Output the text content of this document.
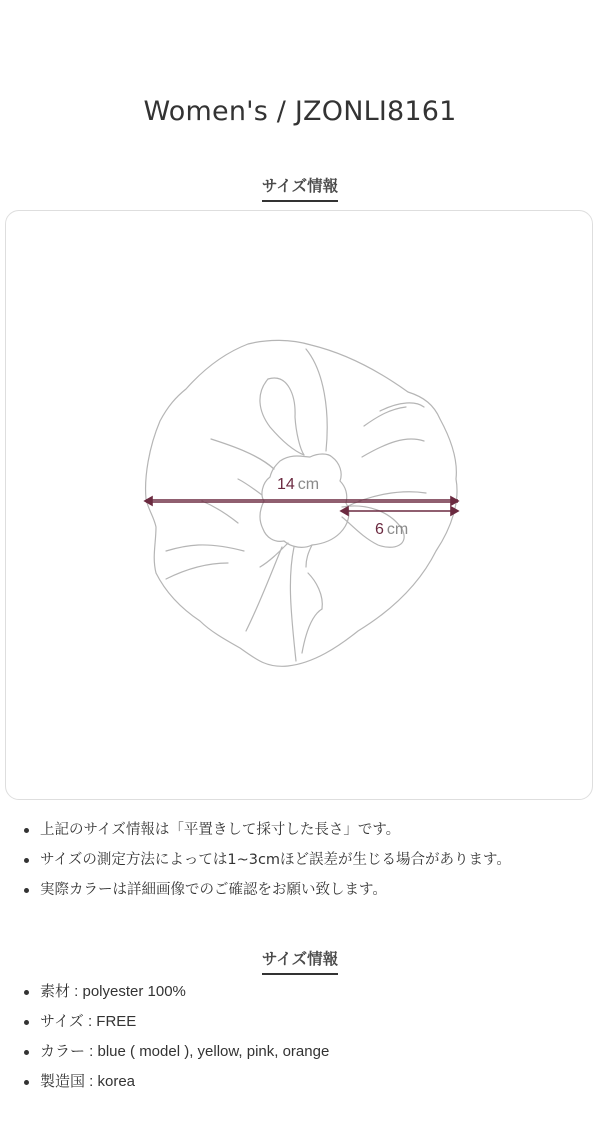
Women's / JZONLI8161
サイズ情報
14 cm
6 cm
上記のサイズ情報は「平置きして採寸した長さ」です。
サイズの測定方法によっては1~3cmほど誤差が生じる場合があります。
実際カラーは詳細画像でのご確認をお願い致します。
サイズ情報
素材 : polyester 100%
サイズ : FREE
カラー : blue ( model ), yellow, pink, orange
製造国 : korea
